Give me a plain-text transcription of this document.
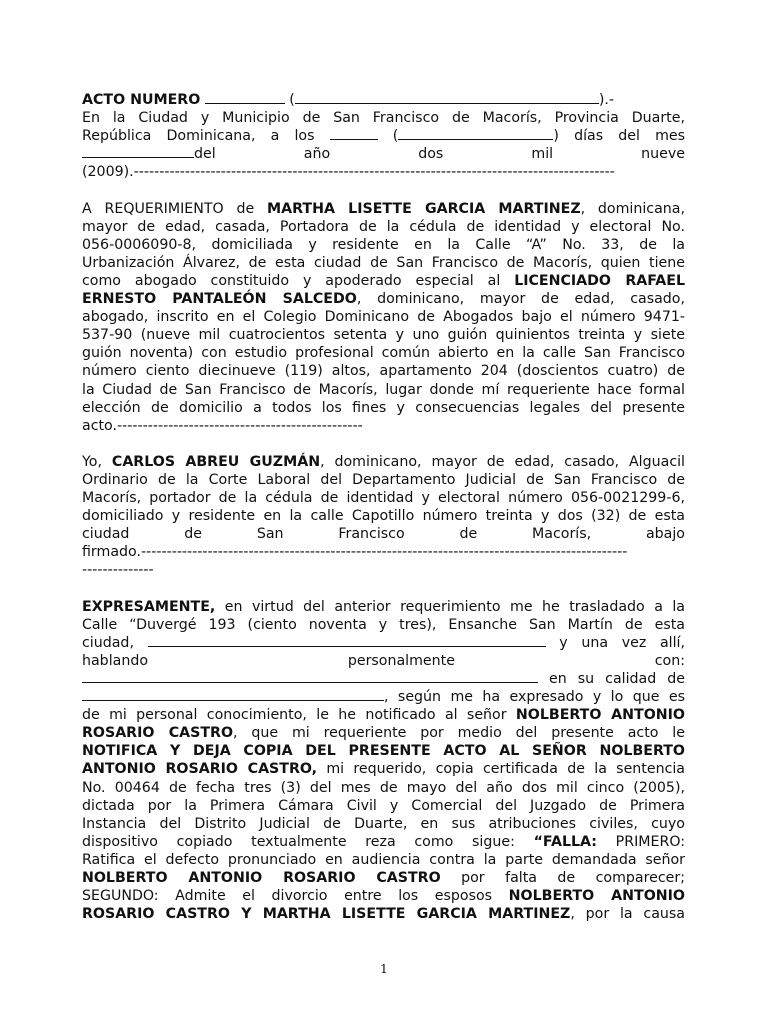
ACTO NUMERO	(	).-
En la Ciudad y Municipio de San Francisco de Macorís, Provincia Duarte,
República Dominicana, a los	(	) días del mes
del	año	dos	mil	nueve
(2009).----------------------------------------------------------------------------------------------

A REQUERIMIENTO de MARTHA LISETTE GARCIA MARTINEZ, dominicana,
mayor de edad, casada, Portadora de la cédula de identidad y electoral No.
056-0006090-8, domiciliada y residente en la Calle “A” No. 33, de la
Urbanización Álvarez, de esta ciudad de San Francisco de Macorís, quien tiene
como abogado constituido y apoderado especial al LICENCIADO RAFAEL
ERNESTO PANTALEÓN SALCEDO, dominicano, mayor de edad, casado,
abogado, inscrito en el Colegio Dominicano de Abogados bajo el número 9471-
537-90 (nueve mil cuatrocientos setenta y uno guión quinientos treinta y siete
guión noventa) con estudio profesional común abierto en la calle San Francisco
número ciento diecinueve (119) altos, apartamento 204 (doscientos cuatro) de
la Ciudad de San Francisco de Macorís, lugar donde mí requeriente hace formal
elección de domicilio a todos los fines y consecuencias legales del presente
acto.------------------------------------------------

Yo, CARLOS ABREU GUZMÁN, dominicano, mayor de edad, casado, Alguacil
Ordinario de la Corte Laboral del Departamento Judicial de San Francisco de
Macorís, portador de la cédula de identidad y electoral número 056-0021299-6,
domiciliado y residente en la calle Capotillo número treinta y dos (32) de esta
ciudad	de	San	Francisco	de	Macorís,	abajo
firmado.-----------------------------------------------------------------------------------------------
--------------

EXPRESAMENTE, en virtud del anterior requerimiento me he trasladado a la
Calle “Duvergé 193 (ciento noventa y tres), Ensanche San Martín de esta
ciudad,	y una vez allí,
hablando	personalmente	con:
en su calidad de
, según me ha expresado y lo que es
de mi personal conocimiento, le he notificado al señor NOLBERTO ANTONIO
ROSARIO CASTRO, que mi requeriente por medio del presente acto le
NOTIFICA Y DEJA COPIA DEL PRESENTE ACTO AL SEÑOR NOLBERTO
ANTONIO ROSARIO CASTRO, mi requerido, copia certificada de la sentencia
No. 00464 de fecha tres (3) del mes de mayo del año dos mil cinco (2005),
dictada por la Primera Cámara Civil y Comercial del Juzgado de Primera
Instancia del Distrito Judicial de Duarte, en sus atribuciones civiles, cuyo
dispositivo copiado textualmente reza como sigue: “FALLA: PRIMERO:
Ratifica el defecto pronunciado en audiencia contra la parte demandada señor
NOLBERTO ANTONIO ROSARIO CASTRO por falta de comparecer;
SEGUNDO: Admite el divorcio entre los esposos NOLBERTO ANTONIO
ROSARIO CASTRO Y MARTHA LISETTE GARCIA MARTINEZ, por la causa

1
